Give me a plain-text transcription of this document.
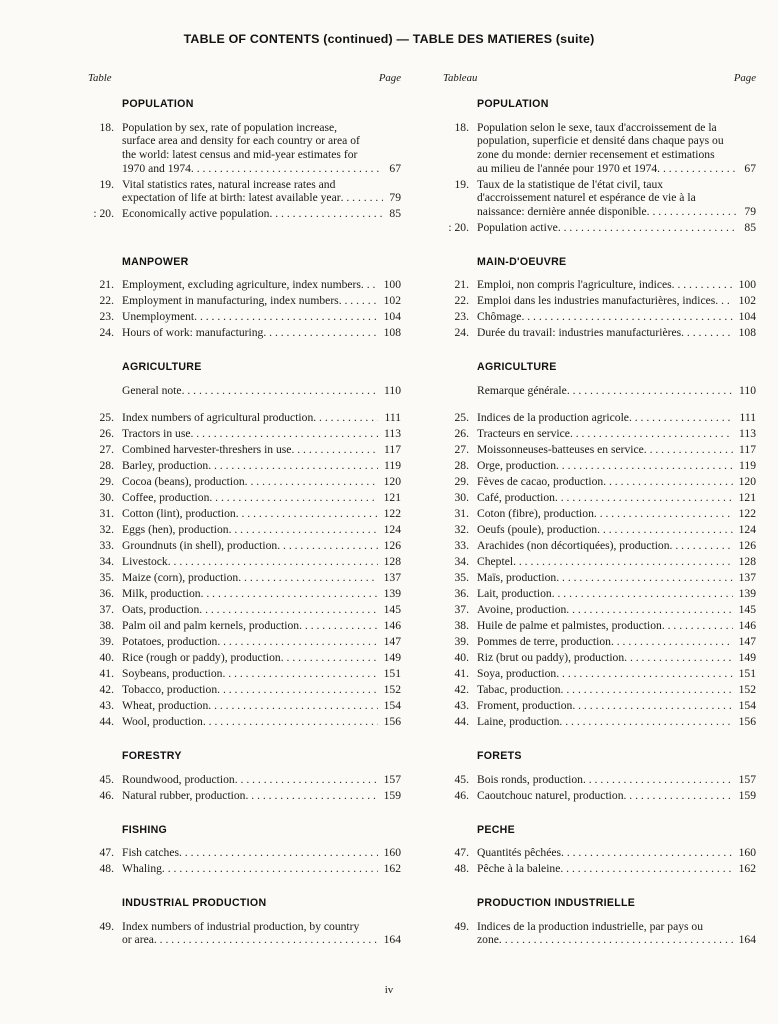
TABLE OF CONTENTS (continued) — TABLE DES MATIERES (suite)
Table	Page	Tableau	Page
POPULATION
18. Population by sex, rate of population increase, surface area and density for each country or area of the world: latest census and mid-year estimates for 1970 and 1974	67
19. Vital statistics rates, natural increase rates and expectation of life at birth: latest available year	79
: 20. Economically active population	85
POPULATION
18. Population selon le sexe, taux d'accroissement de la population, superficie et densité dans chaque pays ou zone du monde: dernier recensement et estimations au milieu de l'année pour 1970 et 1974	67
19. Taux de la statistique de l'état civil, taux d'accroissement naturel et espérance de vie à la naissance: dernière année disponible	79
: 20. Population active	85
MANPOWER
21. Employment, excluding agriculture, index numbers	100
22. Employment in manufacturing, index numbers	102
23. Unemployment	104
24. Hours of work: manufacturing	108
MAIN-D'OEUVRE
21. Emploi, non compris l'agriculture, indices	100
22. Emploi dans les industries manufacturières, indices	102
23. Chômage	104
24. Durée du travail: industries manufacturières	108
AGRICULTURE
General note	110
25. Index numbers of agricultural production	111
26. Tractors in use	113
27. Combined harvester-threshers in use	117
28. Barley, production	119
29. Cocoa (beans), production	120
30. Coffee, production	121
31. Cotton (lint), production	122
32. Eggs (hen), production	124
33. Groundnuts (in shell), production	126
34. Livestock	128
35. Maize (corn), production	137
36. Milk, production	139
37. Oats, production	145
38. Palm oil and palm kernels, production	146
39. Potatoes, production	147
40. Rice (rough or paddy), production	149
41. Soybeans, production	151
42. Tobacco, production	152
43. Wheat, production	154
44. Wool, production	156
AGRICULTURE
Remarque générale	110
25. Indices de la production agricole	111
26. Tracteurs en service	113
27. Moissonneuses-batteuses en service	117
28. Orge, production	119
29. Fèves de cacao, production	120
30. Café, production	121
31. Coton (fibre), production	122
32. Oeufs (poule), production	124
33. Arachides (non décortiquées), production	126
34. Cheptel	128
35. Maïs, production	137
36. Lait, production	139
37. Avoine, production	145
38. Huile de palme et palmistes, production	146
39. Pommes de terre, production	147
40. Riz (brut ou paddy), production	149
41. Soya, production	151
42. Tabac, production	152
43. Froment, production	154
44. Laine, production	156
FORESTRY
45. Roundwood, production	157
46. Natural rubber, production	159
FORETS
45. Bois ronds, production	157
46. Caoutchouc naturel, production	159
FISHING
47. Fish catches	160
48. Whaling	162
PECHE
47. Quantités pêchées	160
48. Pêche à la baleine	162
INDUSTRIAL PRODUCTION
49. Index numbers of industrial production, by country or area	164
PRODUCTION INDUSTRIELLE
49. Indices de la production industrielle, par pays ou zone	164
iv
